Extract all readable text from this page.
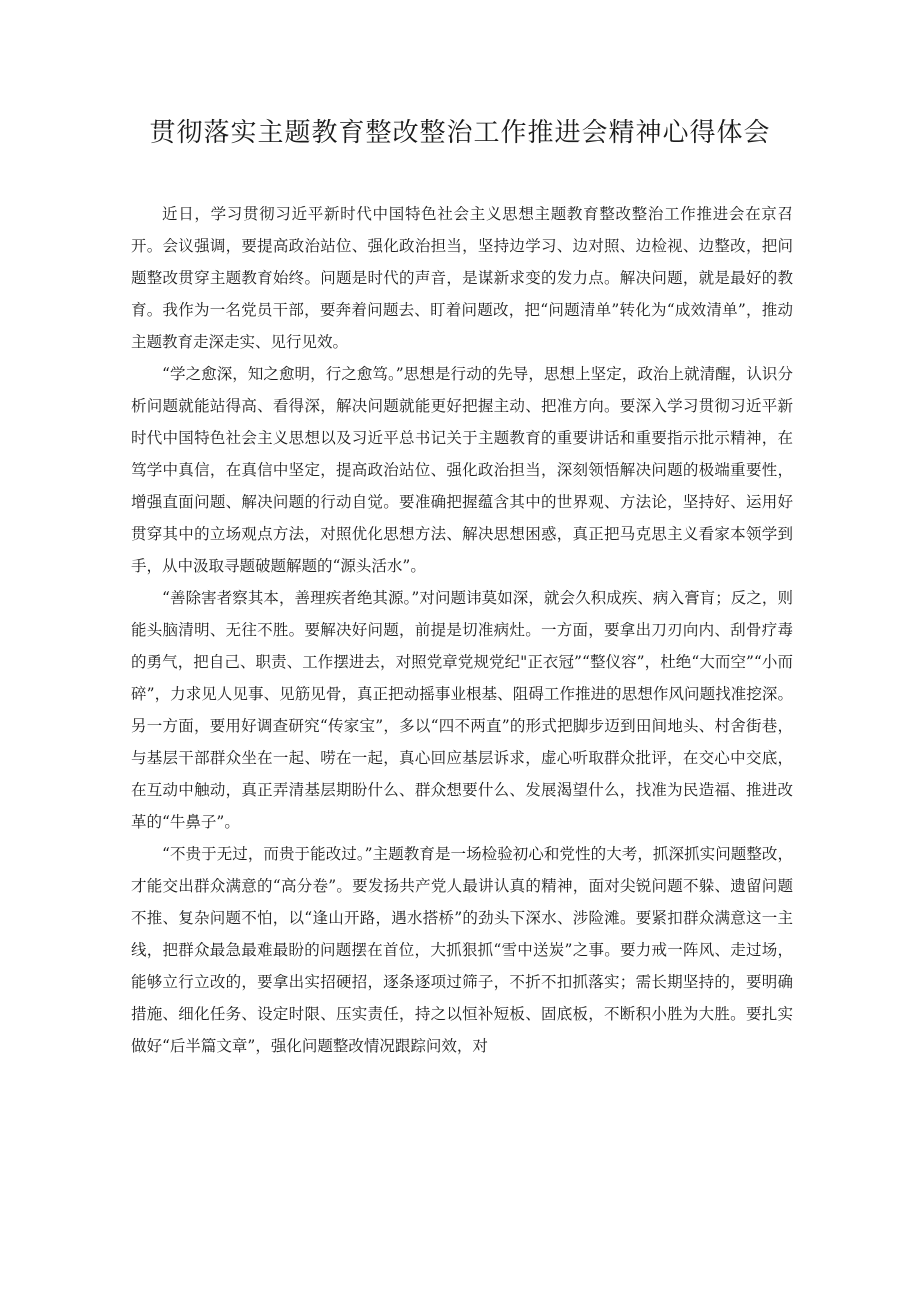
贯彻落实主题教育整改整治工作推进会精神心得体会

近日，学习贯彻习近平新时代中国特色社会主义思想主题教育整改整治工作推进会在京召开。会议强调，要提高政治站位、强化政治担当，坚持边学习、边对照、边检视、边整改，把问题整改贯穿主题教育始终。问题是时代的声音，是谋新求变的发力点。解决问题，就是最好的教育。我作为一名党员干部，要奔着问题去、盯着问题改，把“问题清单”转化为“成效清单”，推动主题教育走深走实、见行见效。

“学之愈深，知之愈明，行之愈笃。”思想是行动的先导，思想上坚定，政治上就清醒，认识分析问题就能站得高、看得深，解决问题就能更好把握主动、把准方向。要深入学习贯彻习近平新时代中国特色社会主义思想以及习近平总书记关于主题教育的重要讲话和重要指示批示精神，在笃学中真信，在真信中坚定，提高政治站位、强化政治担当，深刻领悟解决问题的极端重要性，增强直面问题、解决问题的行动自觉。要准确把握蕴含其中的世界观、方法论，坚持好、运用好贯穿其中的立场观点方法，对照优化思想方法、解决思想困惑，真正把马克思主义看家本领学到手，从中汲取寻题破题解题的“源头活水”。

“善除害者察其本，善理疾者绝其源。”对问题讳莫如深，就会久积成疾、病入膏肓；反之，则能头脑清明、无往不胜。要解决好问题，前提是切准病灶。一方面，要拿出刀刃向内、刮骨疗毒的勇气，把自己、职责、工作摆进去，对照党章党规党纪"正衣冠”“整仪容”，杜绝“大而空”“小而碎”，力求见人见事、见筋见骨，真正把动摇事业根基、阻碍工作推进的思想作风问题找准挖深。另一方面，要用好调查研究“传家宝”，多以“四不两直”的形式把脚步迈到田间地头、村舍街巷，与基层干部群众坐在一起、唠在一起，真心回应基层诉求，虚心听取群众批评，在交心中交底，在互动中触动，真正弄清基层期盼什么、群众想要什么、发展渴望什么，找准为民造福、推进改革的“牛鼻子”。

“不贵于无过，而贵于能改过。”主题教育是一场检验初心和党性的大考，抓深抓实问题整改，才能交出群众满意的“高分卷”。要发扬共产党人最讲认真的精神，面对尖锐问题不躲、遗留问题不推、复杂问题不怕，以“逢山开路，遇水搭桥”的劲头下深水、涉险滩。要紧扣群众满意这一主线，把群众最急最难最盼的问题摆在首位，大抓狠抓“雪中送炭”之事。要力戒一阵风、走过场，能够立行立改的，要拿出实招硬招，逐条逐项过筛子，不折不扣抓落实；需长期坚持的，要明确措施、细化任务、设定时限、压实责任，持之以恒补短板、固底板，不断积小胜为大胜。要扎实做好“后半篇文章”，强化问题整改情况跟踪问效，对
